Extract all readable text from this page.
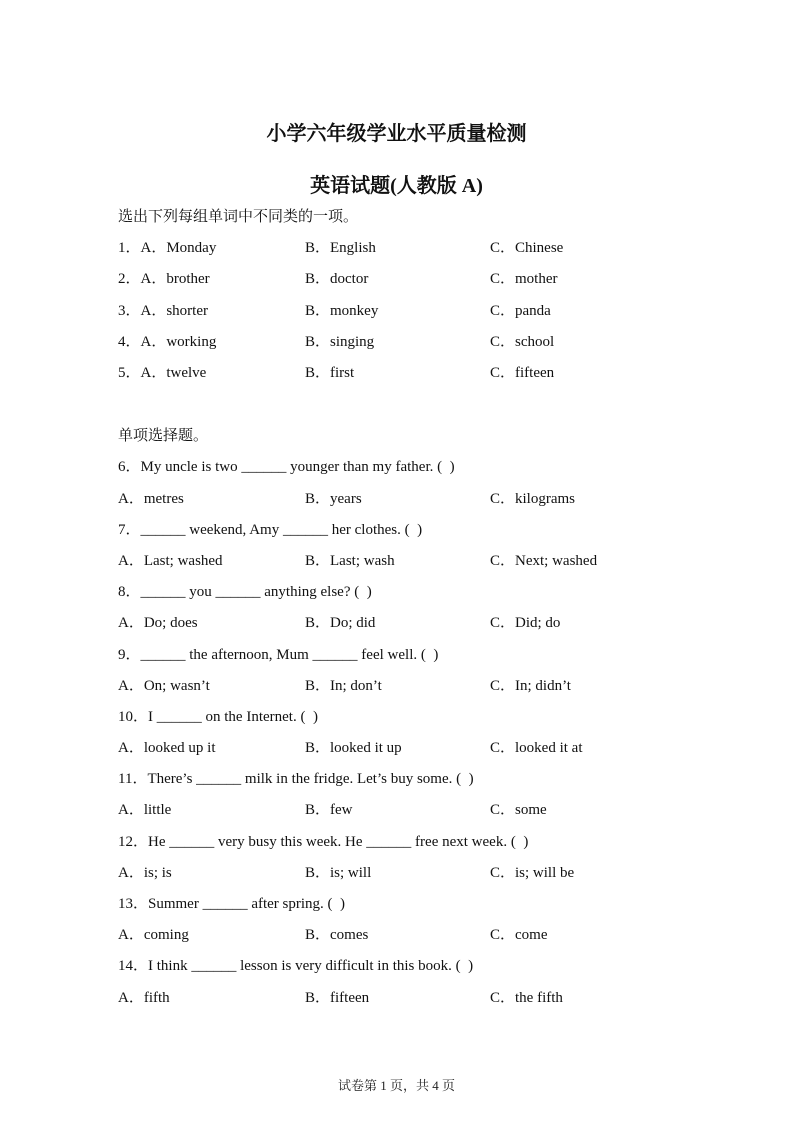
小学六年级学业水平质量检测
英语试题(人教版 A)
选出下列每组单词中不同类的一项。
1．A．Monday	B．English	C．Chinese
2．A．brother	B．doctor	C．mother
3．A．shorter	B．monkey	C．panda
4．A．working	B．singing	C．school
5．A．twelve	B．first	C．fifteen
单项选择题。
6．My uncle is two ______ younger than my father. (  )
A．metres	B．years	C．kilograms
7．______ weekend, Amy ______ her clothes. (  )
A．Last; washed	B．Last; wash	C．Next; washed
8．______ you ______ anything else? (  )
A．Do; does	B．Do; did	C．Did; do
9．______ the afternoon, Mum ______ feel well. (  )
A．On; wasn’t	B．In; don’t	C．In; didn’t
10．I ______ on the Internet. (  )
A．looked up it	B．looked it up	C．looked it at
11．There’s ______ milk in the fridge. Let’s buy some. (  )
A．little	B．few	C．some
12．He ______ very busy this week. He ______ free next week. (  )
A．is; is	B．is; will	C．is; will be
13．Summer ______ after spring. (  )
A．coming	B．comes	C．come
14．I think ______ lesson is very difficult in this book. (  )
A．fifth	B．fifteen	C．the fifth
试卷第 1 页，共 4 页
